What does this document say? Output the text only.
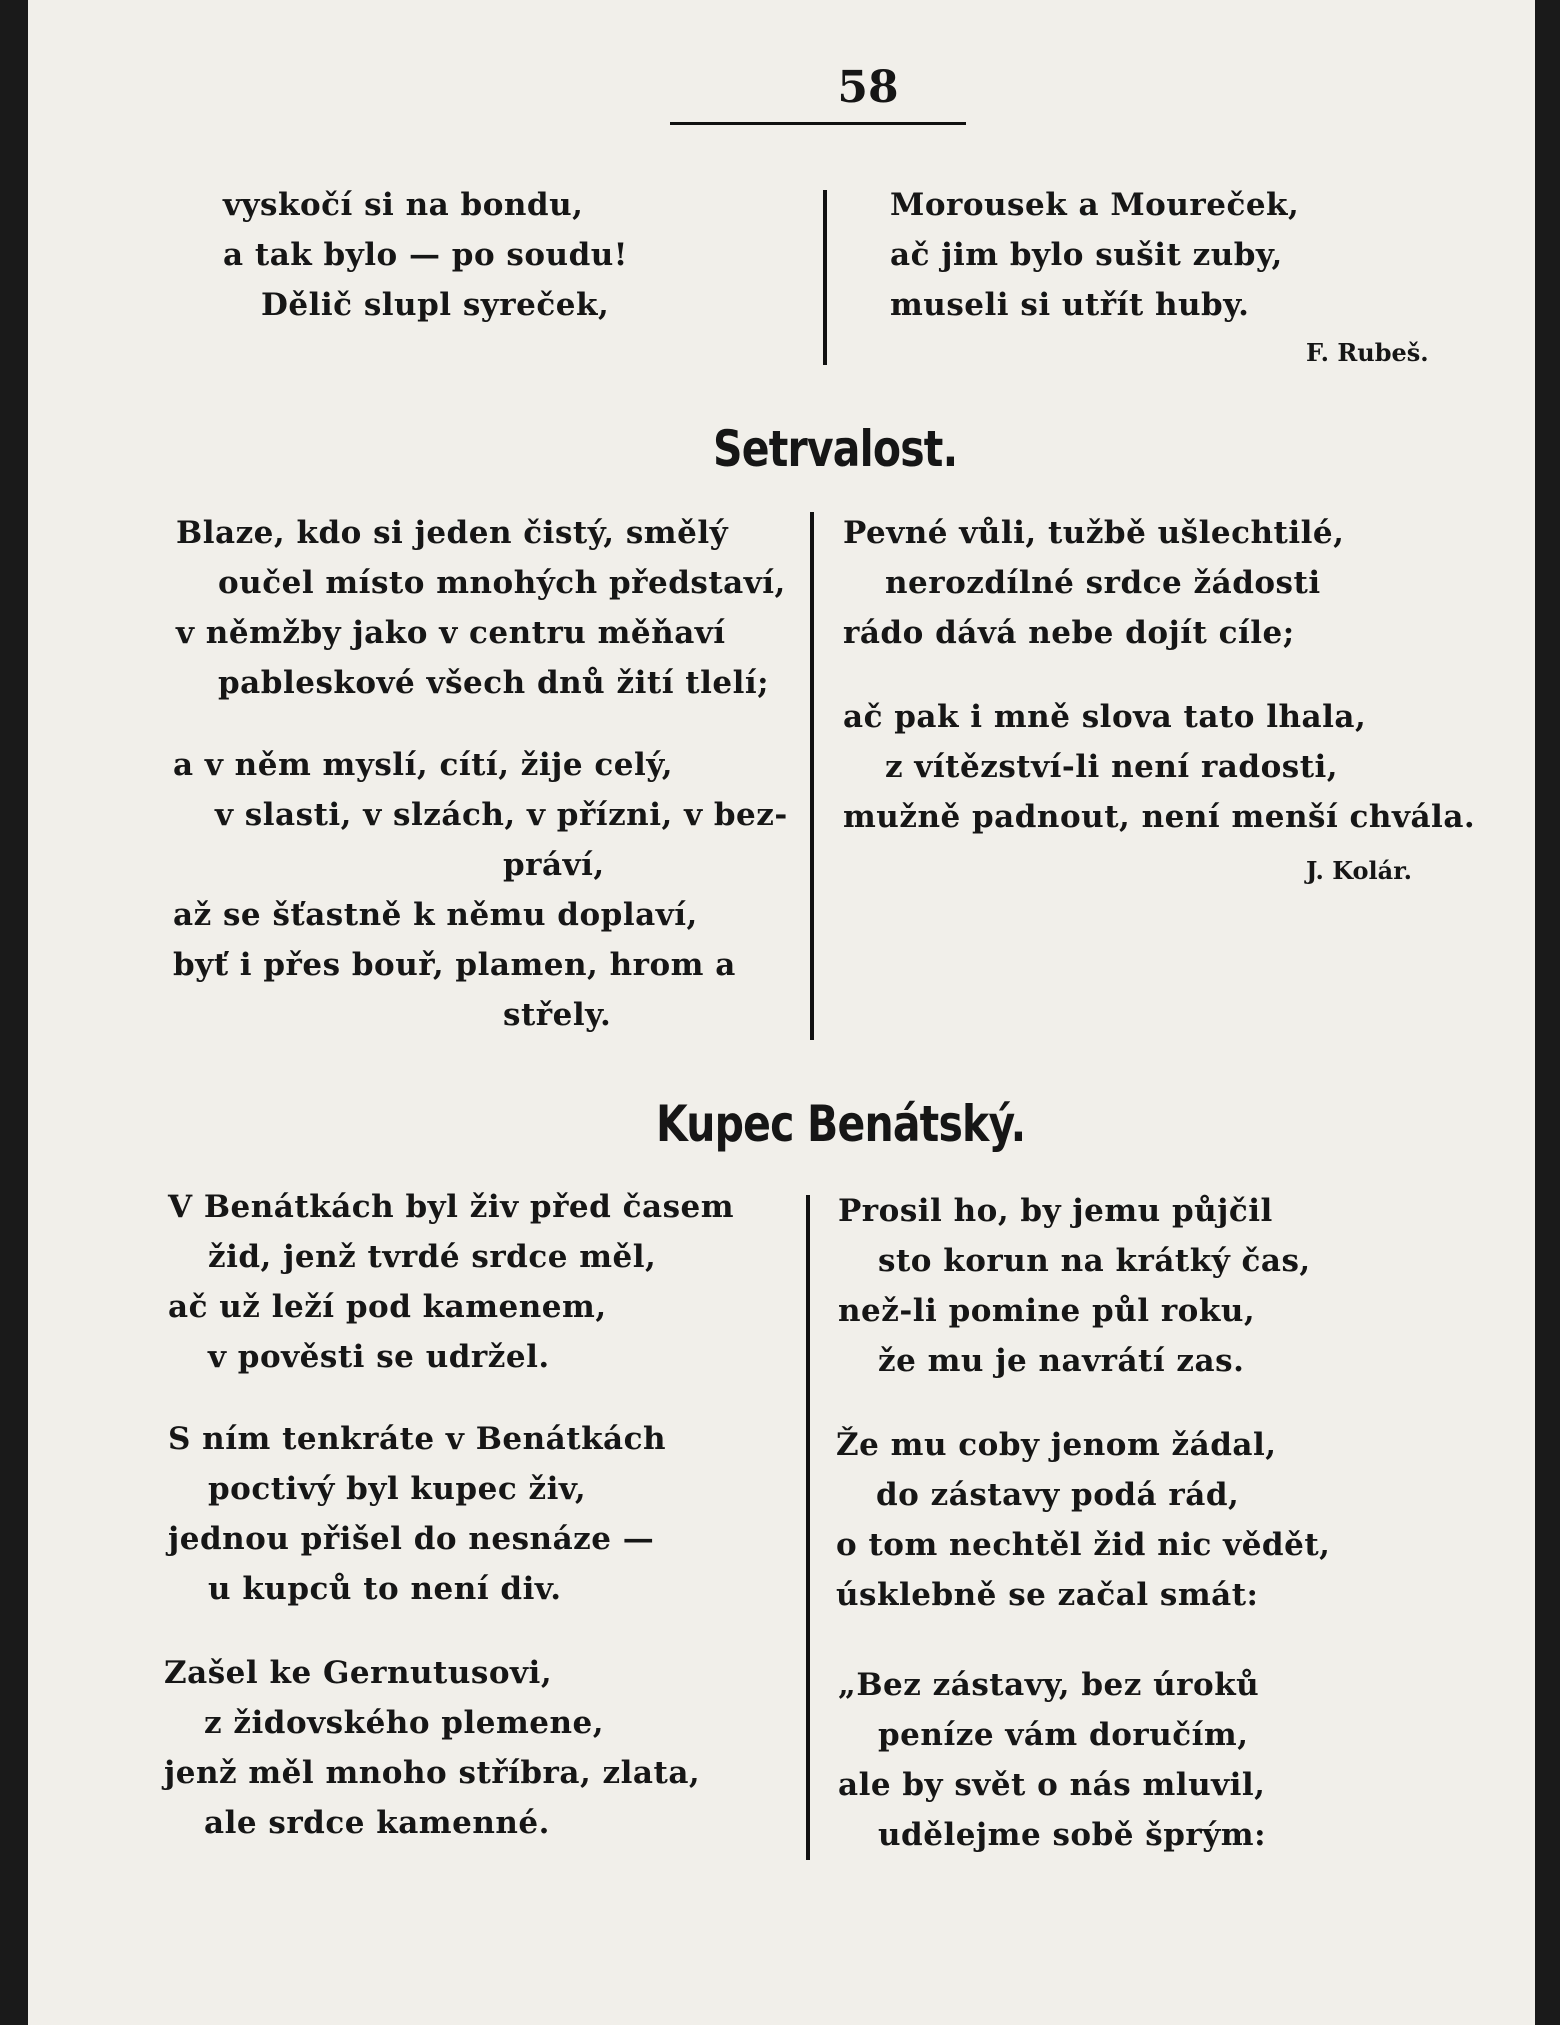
58
vyskočí si na bondu,
a tak bylo — po soudu!
Dělič slupl syreček,
Morousek a Moureček,
ač jim bylo sušit zuby,
museli si utřít huby.
F. Rubeš.
Setrvalost.
Blaze, kdo si jeden čistý, smělý
oučel místo mnohých představí,
v němžby jako v centru měňaví
pableskové všech dnů žití tlelí;
a v něm myslí, cítí, žije celý,
v slasti, v slzách, v přízni, v bez-
práví,
až se šťastně k němu doplaví,
byť i přes bouř, plamen, hrom a
střely.
Pevné vůli, tužbě ušlechtilé,
nerozdílné srdce žádosti
rádo dává nebe dojít cíle;
ač pak i mně slova tato lhala,
z vítězství-li není radosti,
mužně padnout, není menší chvála.
J. Kolár.
Kupec Benátský.
V Benátkách byl živ před časem
žid, jenž tvrdé srdce měl,
ač už leží pod kamenem,
v pověsti se udržel.
S ním tenkráte v Benátkách
poctivý byl kupec živ,
jednou přišel do nesnáze —
u kupců to není div.
Zašel ke Gernutusovi,
z židovského plemene,
jenž měl mnoho stříbra, zlata,
ale srdce kamenné.
Prosil ho, by jemu půjčil
sto korun na krátký čas,
než-li pomine půl roku,
že mu je navrátí zas.
Že mu coby jenom žádal,
do zástavy podá rád,
o tom nechtěl žid nic vědět,
úsklebně se začal smát:
„Bez zástavy, bez úroků
peníze vám doručím,
ale by svět o nás mluvil,
udělejme sobě šprým:
